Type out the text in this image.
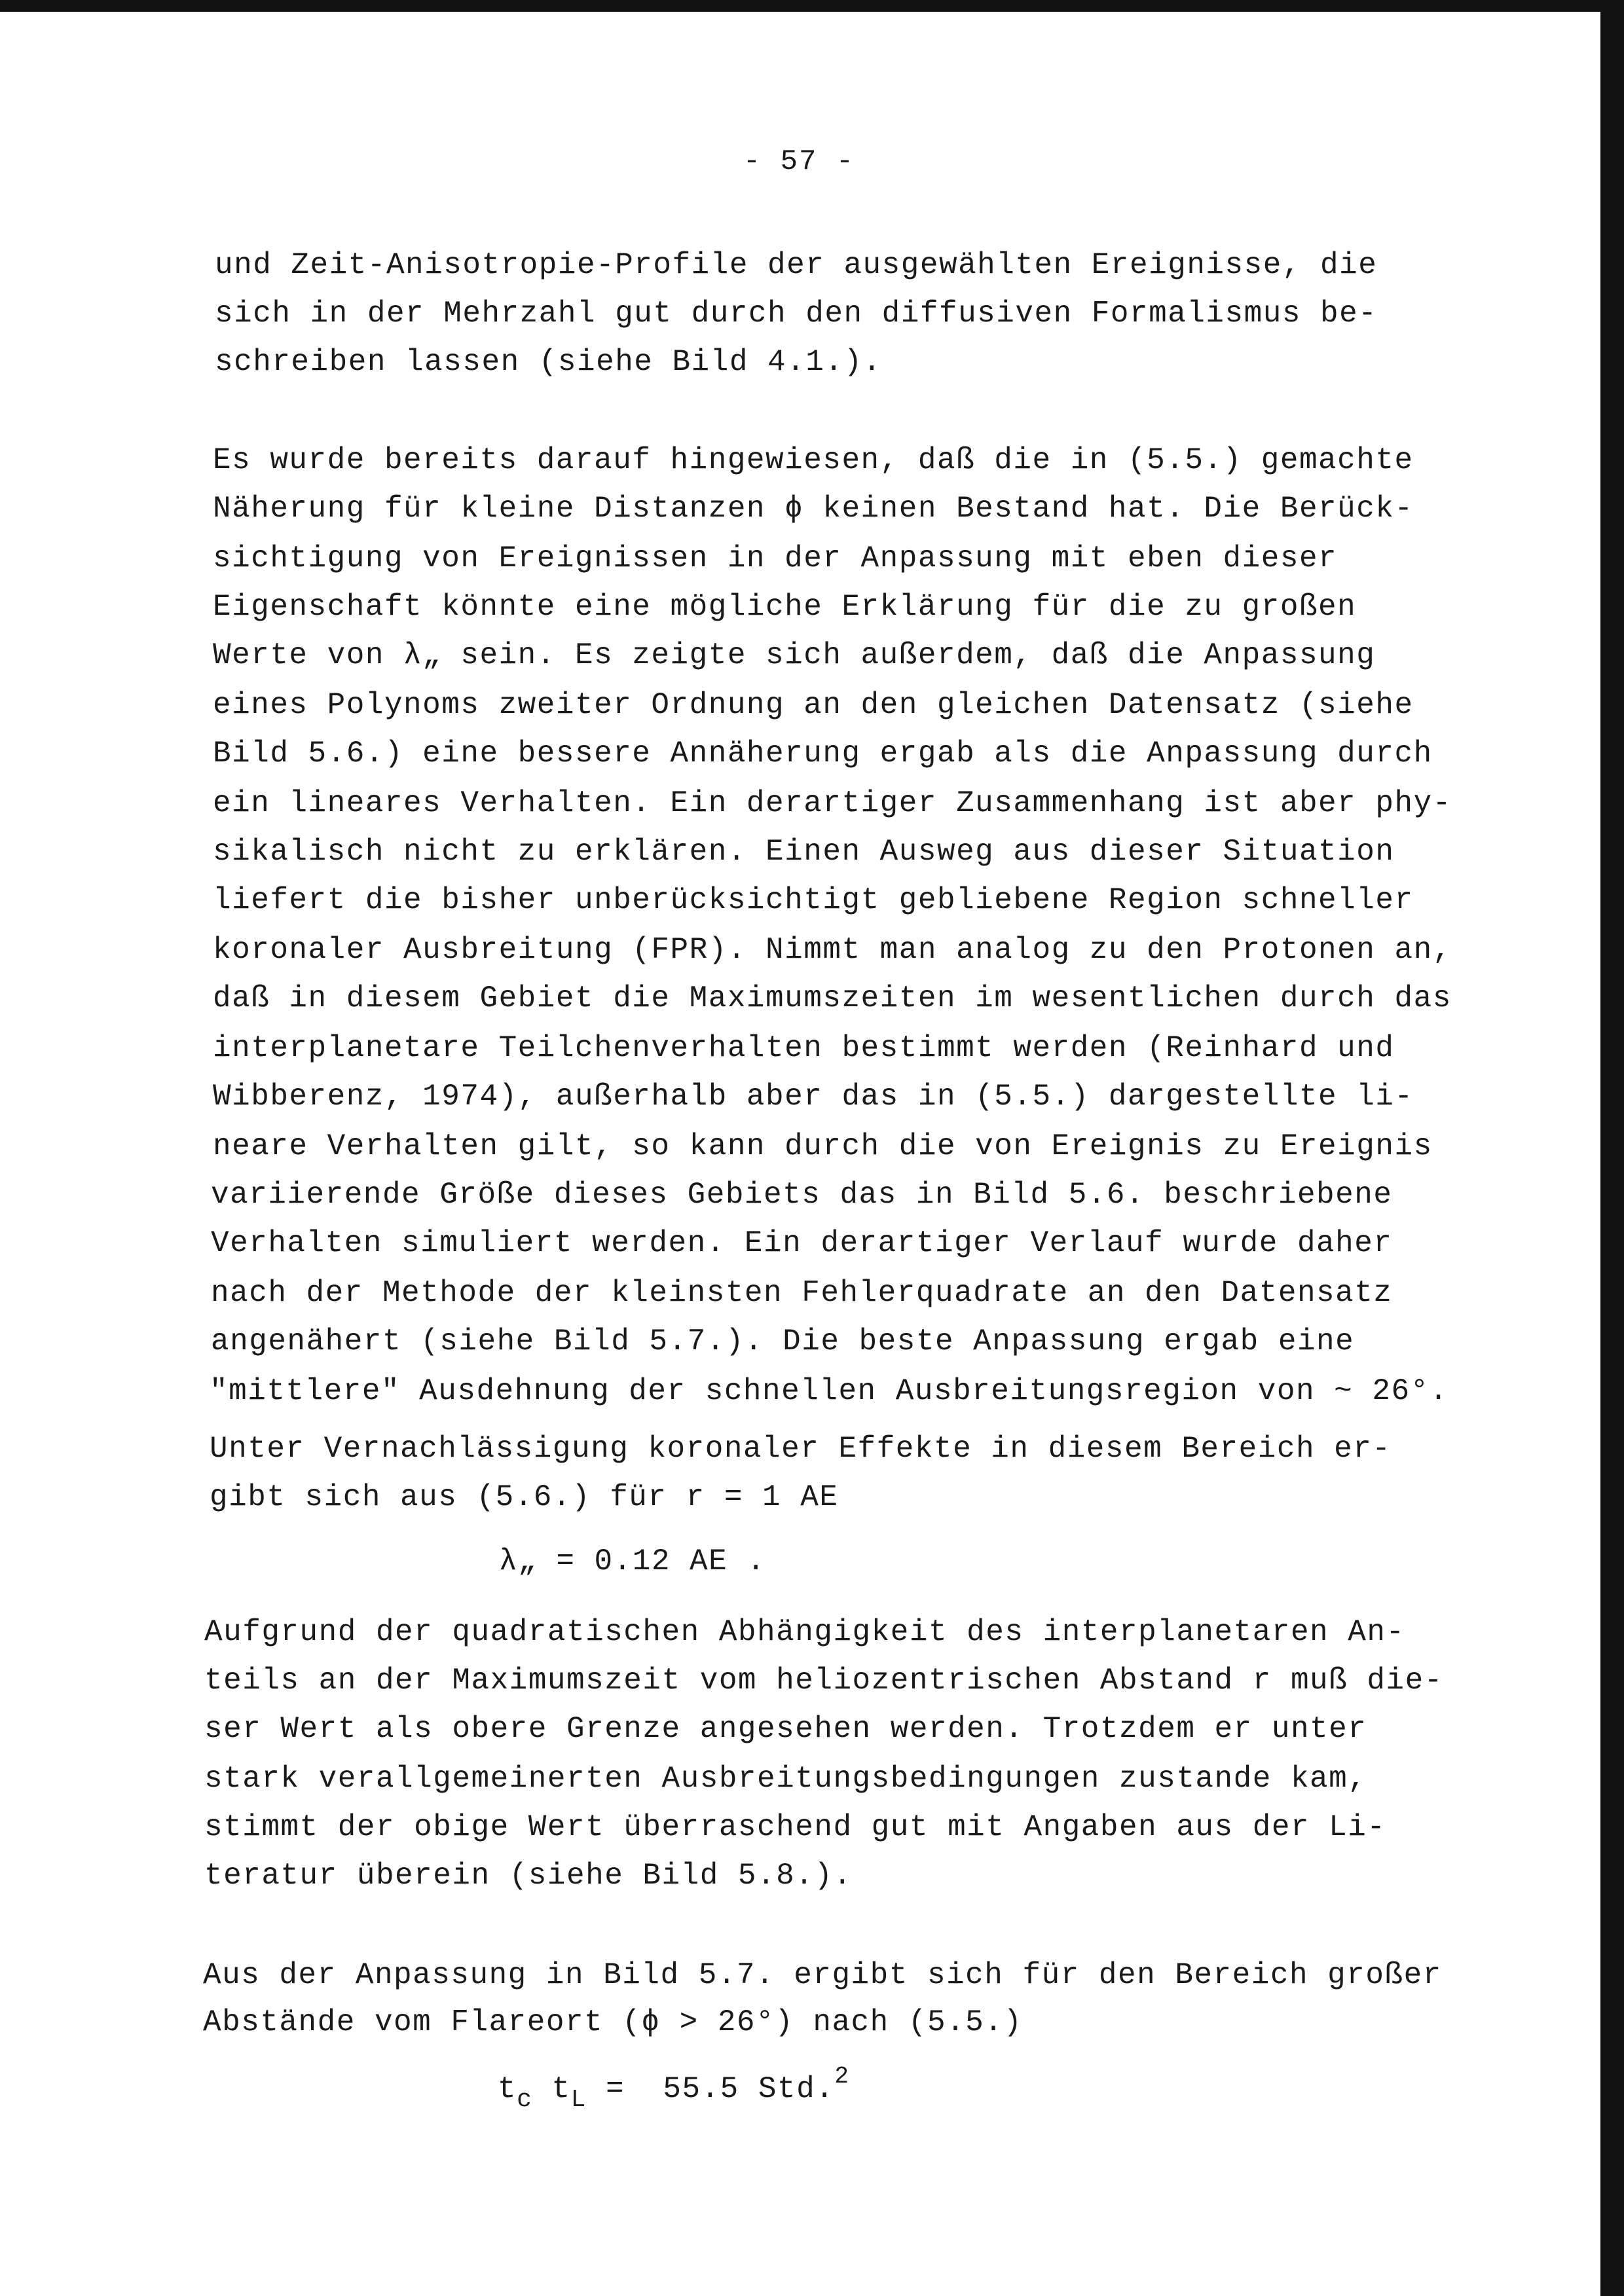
- 57 -

und Zeit-Anisotropie-Profile der ausgewählten Ereignisse, die

sich in der Mehrzahl gut durch den diffusiven Formalismus be-

schreiben lassen (siehe Bild 4.1.).

Es wurde bereits darauf hingewiesen, daß die in (5.5.) gemachte

Näherung für kleine Distanzen ϕ keinen Bestand hat. Die Berück-

sichtigung von Ereignissen in der Anpassung mit eben dieser

Eigenschaft könnte eine mögliche Erklärung für die zu großen

Werte von λ„ sein. Es zeigte sich außerdem, daß die Anpassung

eines Polynoms zweiter Ordnung an den gleichen Datensatz (siehe

Bild 5.6.) eine bessere Annäherung ergab als die Anpassung durch

ein lineares Verhalten. Ein derartiger Zusammenhang ist aber phy-

sikalisch nicht zu erklären. Einen Ausweg aus dieser Situation

liefert die bisher unberücksichtigt gebliebene Region schneller

koronaler Ausbreitung (FPR). Nimmt man analog zu den Protonen an,

daß in diesem Gebiet die Maximumszeiten im wesentlichen durch das

interplanetare Teilchenverhalten bestimmt werden (Reinhard und

Wibberenz, 1974), außerhalb aber das in (5.5.) dargestellte li-

neare Verhalten gilt, so kann durch die von Ereignis zu Ereignis

variierende Größe dieses Gebiets das in Bild 5.6. beschriebene

Verhalten simuliert werden. Ein derartiger Verlauf wurde daher

nach der Methode der kleinsten Fehlerquadrate an den Datensatz

angenähert (siehe Bild 5.7.). Die beste Anpassung ergab eine

"mittlere" Ausdehnung der schnellen Ausbreitungsregion von ~ 26°.

Unter Vernachlässigung koronaler Effekte in diesem Bereich er-

gibt sich aus (5.6.) für r = 1 AE

λ„ = 0.12 AE .

Aufgrund der quadratischen Abhängigkeit des interplanetaren An-

teils an der Maximumszeit vom heliozentrischen Abstand r muß die-

ser Wert als obere Grenze angesehen werden. Trotzdem er unter

stark verallgemeinerten Ausbreitungsbedingungen zustande kam,

stimmt der obige Wert überraschend gut mit Angaben aus der Li-

teratur überein (siehe Bild 5.8.).

Aus der Anpassung in Bild 5.7. ergibt sich für den Bereich großer

Abstände vom Flareort (ϕ > 26°) nach (5.5.)

$t_c$ $t_L = 55.5$ Std.$^2$
